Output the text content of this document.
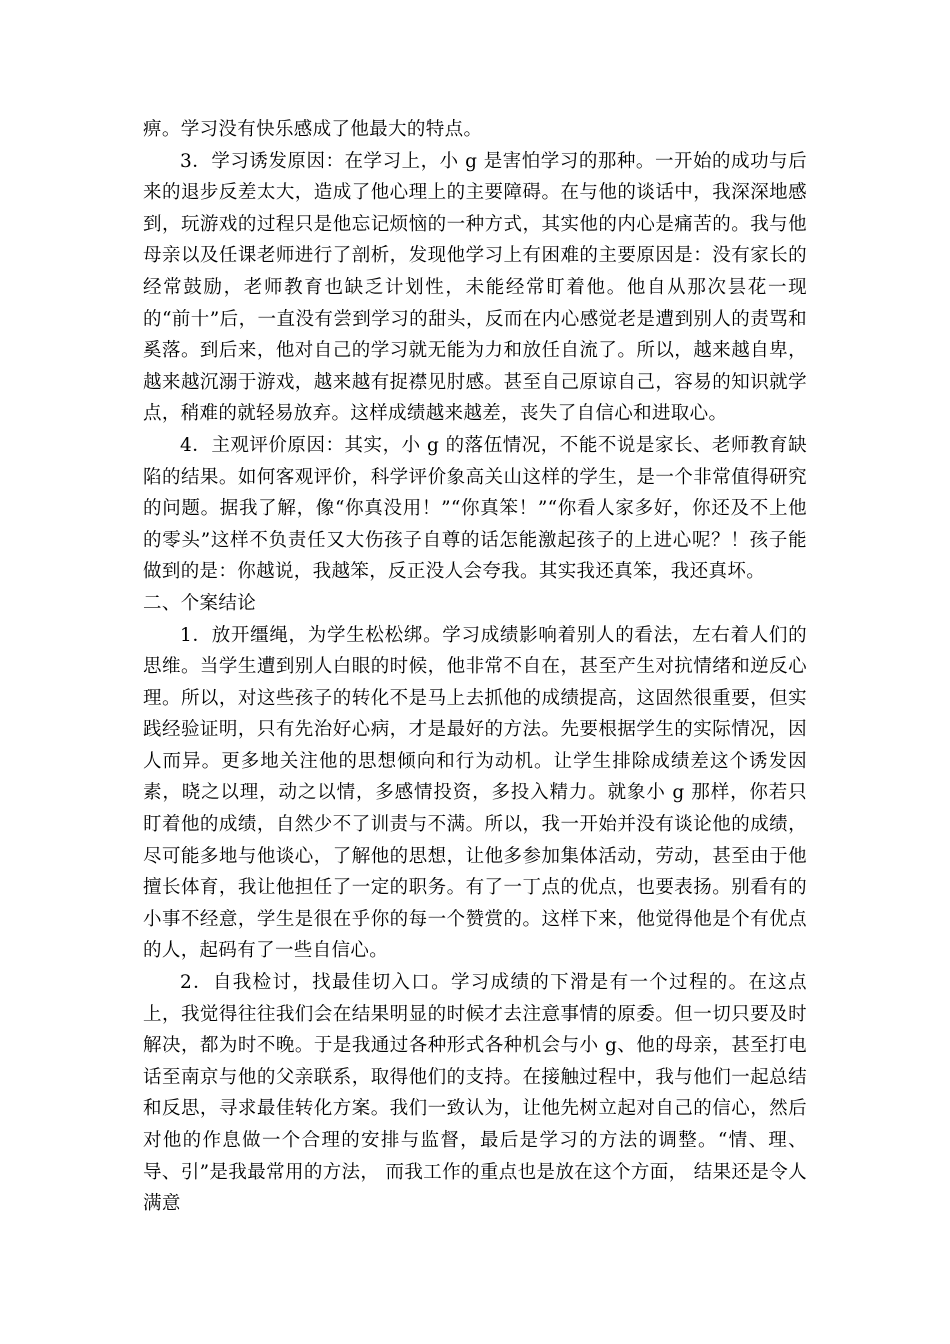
痹。学习没有快乐感成了他最大的特点。

3．学习诱发原因：在学习上，小 g 是害怕学习的那种。一开始的成功与后来的退步反差太大，造成了他心理上的主要障碍。在与他的谈话中，我深深地感到，玩游戏的过程只是他忘记烦恼的一种方式，其实他的内心是痛苦的。我与他母亲以及任课老师进行了剖析，发现他学习上有困难的主要原因是：没有家长的经常鼓励，老师教育也缺乏计划性，未能经常盯着他。他自从那次昙花一现的“前十”后，一直没有尝到学习的甜头，反而在内心感觉老是遭到别人的责骂和奚落。到后来，他对自己的学习就无能为力和放任自流了。所以，越来越自卑，越来越沉溺于游戏，越来越有捉襟见肘感。甚至自己原谅自己，容易的知识就学点，稍难的就轻易放弃。这样成绩越来越差，丧失了自信心和进取心。

4．主观评价原因：其实，小 g 的落伍情况，不能不说是家长、老师教育缺陷的结果。如何客观评价，科学评价象高关山这样的学生，是一个非常值得研究的问题。据我了解，像“你真没用！”“你真笨！”“你看人家多好，你还及不上他的零头”这样不负责任又大伤孩子自尊的话怎能激起孩子的上进心呢？！孩子能做到的是：你越说，我越笨，反正没人会夸我。其实我还真笨，我还真坏。

二、个案结论

1．放开缰绳，为学生松松绑。学习成绩影响着别人的看法，左右着人们的思维。当学生遭到别人白眼的时候，他非常不自在，甚至产生对抗情绪和逆反心理。所以，对这些孩子的转化不是马上去抓他的成绩提高，这固然很重要，但实践经验证明，只有先治好心病，才是最好的方法。先要根据学生的实际情况，因人而异。更多地关注他的思想倾向和行为动机。让学生排除成绩差这个诱发因素，晓之以理，动之以情，多感情投资，多投入精力。就象小 g 那样，你若只盯着他的成绩，自然少不了训责与不满。所以，我一开始并没有谈论他的成绩，尽可能多地与他谈心，了解他的思想，让他多参加集体活动，劳动，甚至由于他擅长体育，我让他担任了一定的职务。有了一丁点的优点，也要表扬。别看有的小事不经意，学生是很在乎你的每一个赞赏的。这样下来，他觉得他是个有优点的人，起码有了一些自信心。

2．自我检讨，找最佳切入口。学习成绩的下滑是有一个过程的。在这点上，我觉得往往我们会在结果明显的时候才去注意事情的原委。但一切只要及时解决，都为时不晚。于是我通过各种形式各种机会与小 g、他的母亲，甚至打电话至南京与他的父亲联系，取得他们的支持。在接触过程中，我与他们一起总结和反思，寻求最佳转化方案。我们一致认为，让他先树立起对自己的信心，然后对他的作息做一个合理的安排与监督，最后是学习的方法的调整。“情、理、导、引”是我最常用的方法， 而我工作的重点也是放在这个方面， 结果还是令人满意
